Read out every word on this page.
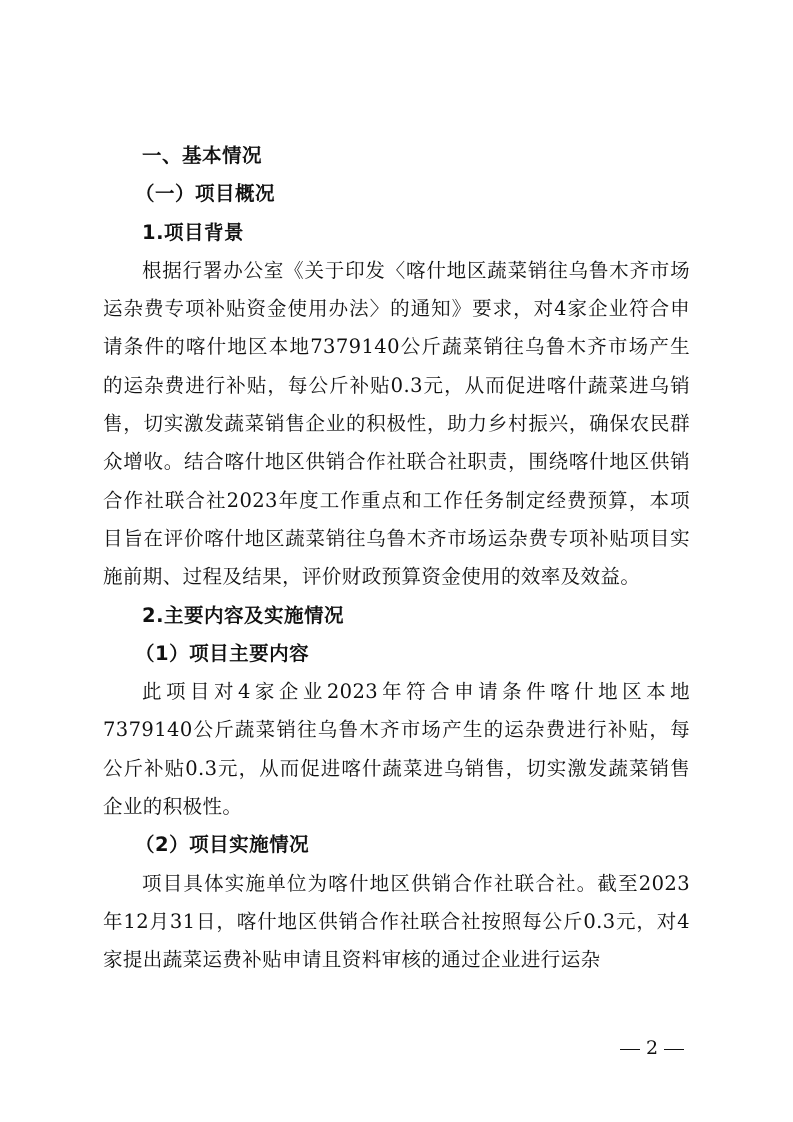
一、基本情况
（一）项目概况
1.项目背景

根据行署办公室《关于印发〈喀什地区蔬菜销往乌鲁木齐市场运杂费专项补贴资金使用办法〉的通知》要求，对4家企业符合申请条件的喀什地区本地7379140公斤蔬菜销往乌鲁木齐市场产生的运杂费进行补贴，每公斤补贴0.3元，从而促进喀什蔬菜进乌销售，切实激发蔬菜销售企业的积极性，助力乡村振兴，确保农民群众增收。结合喀什地区供销合作社联合社职责，围绕喀什地区供销合作社联合社2023年度工作重点和工作任务制定经费预算，本项目旨在评价喀什地区蔬菜销往乌鲁木齐市场运杂费专项补贴项目实施前期、过程及结果，评价财政预算资金使用的效率及效益。

2.主要内容及实施情况
（1）项目主要内容

此项目对4家企业2023年符合申请条件喀什地区本地7379140公斤蔬菜销往乌鲁木齐市场产生的运杂费进行补贴，每公斤补贴0.3元，从而促进喀什蔬菜进乌销售，切实激发蔬菜销售企业的积极性。

（2）项目实施情况

项目具体实施单位为喀什地区供销合作社联合社。截至2023年12月31日，喀什地区供销合作社联合社按照每公斤0.3元，对4家提出蔬菜运费补贴申请且资料审核的通过企业进行运杂

2
